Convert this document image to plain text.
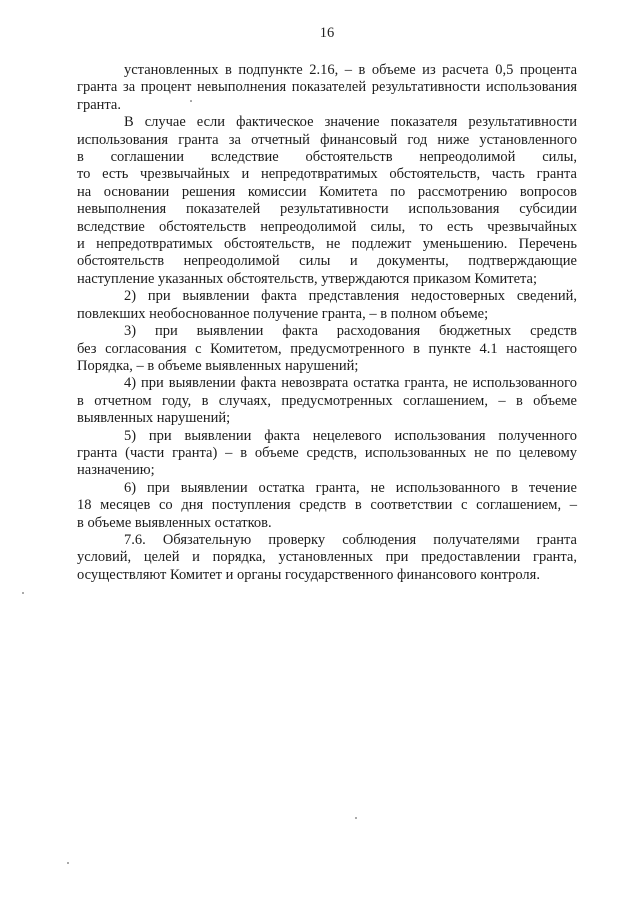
16

установленных в подпункте 2.16, – в объеме из расчета 0,5 процента
гранта за процент невыполнения показателей результативности использования
гранта.

В случае если фактическое значение показателя результативности
использования гранта за отчетный финансовый год ниже установленного
в соглашении вследствие обстоятельств непреодолимой силы,
то есть чрезвычайных и непредотвратимых обстоятельств, часть гранта
на основании решения комиссии Комитета по рассмотрению вопросов
невыполнения показателей результативности использования субсидии
вследствие обстоятельств непреодолимой силы, то есть чрезвычайных
и непредотвратимых обстоятельств, не подлежит уменьшению. Перечень
обстоятельств непреодолимой силы и документы, подтверждающие
наступление указанных обстоятельств, утверждаются приказом Комитета;

2) при выявлении факта представления недостоверных сведений,
повлекших необоснованное получение гранта, – в полном объеме;

3) при выявлении факта расходования бюджетных средств
без согласования с Комитетом, предусмотренного в пункте 4.1 настоящего
Порядка, – в объеме выявленных нарушений;

4) при выявлении факта невозврата остатка гранта, не использованного
в отчетном году, в случаях, предусмотренных соглашением, – в объеме
выявленных нарушений;

5) при выявлении факта нецелевого использования полученного
гранта (части гранта) – в объеме средств, использованных не по целевому
назначению;

6) при выявлении остатка гранта, не использованного в течение
18 месяцев со дня поступления средств в соответствии с соглашением, –
в объеме выявленных остатков.

7.6. Обязательную проверку соблюдения получателями гранта
условий, целей и порядка, установленных при предоставлении гранта,
осуществляют Комитет и органы государственного финансового контроля.
